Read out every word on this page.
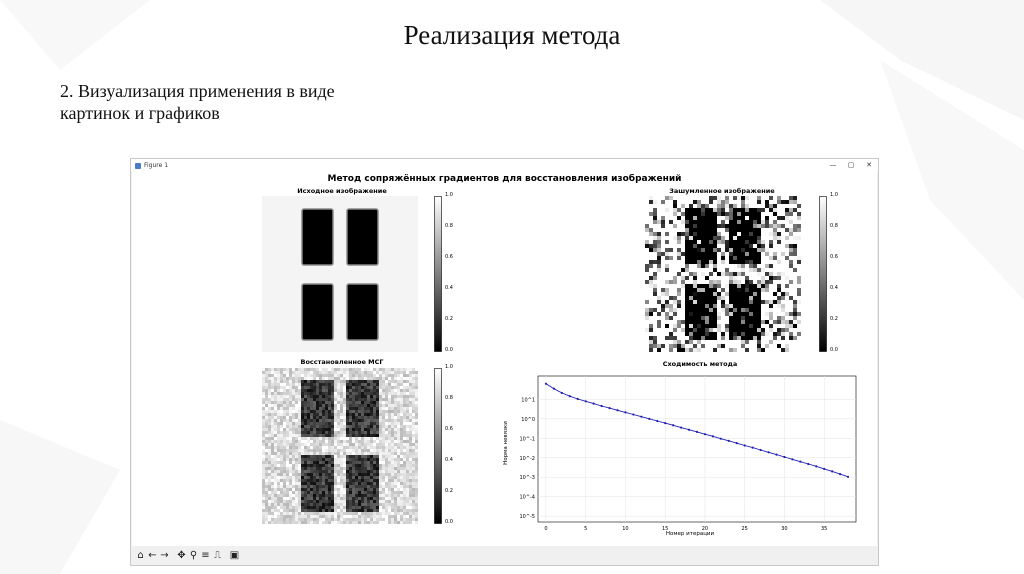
Реализация метода
2. Визуализация применения в виде
картинок и графиков
Figure 1	—	▢	✕
Метод сопряжённых градиентов для восстановления изображений
Исходное изображение	1.0
0.8
0.6
0.4
0.2
0.0
Зашумленное изображение	1.0
0.8
0.6
0.4
0.2
0.0
Восстановленное МСГ
1.0
0.8
0.6
0.4
0.2
0.0
Сходимость метода
0	5	10	15	20	25	30	35
10^1
10^0
10^-1
10^-2
10^-3
10^-4
10^-5
Норма невязки
Номер итерации
⌂ ← → ✥ ⚲ ≡ ⎍ ▣
